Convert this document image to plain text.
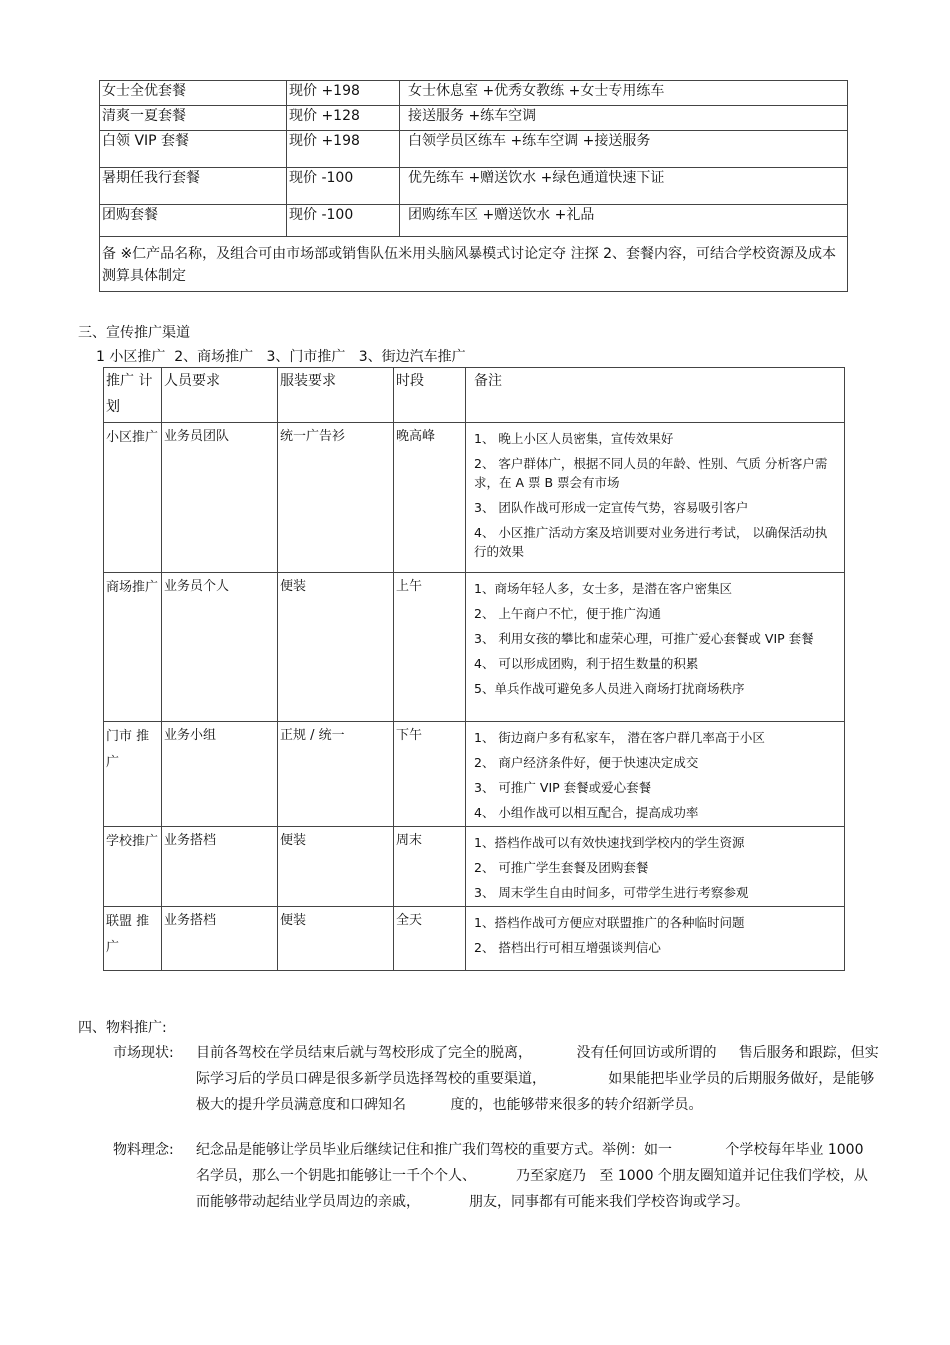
女士全优套餐	现价 +198	女士休息室 +优秀女教练 +女士专用练车
清爽一夏套餐	现价 +128	接送服务 +练车空调
白领 VIP 套餐	现价 +198	白领学员区练车 +练车空调 +接送服务
暑期任我行套餐	现价 -100	优先练车 +赠送饮水 +绿色通道快速下证
团购套餐	现价 -100	团购练车区 +赠送饮水 +礼品
备 ※仁产品名称，及组合可由市场部或销售队伍米用头脑风暴模式讨论定夺 注探 2、套餐内容，可结合学校资源及成本测算具体制定		
三、宣传推广渠道
1 小区推广  2、商场推广   3、门市推广   3、街边汽车推广
推广 计划	人员要求	服装要求	时段	备注
小区推广	业务员团队	统一广告衫	晚高峰	1、 晚上小区人员密集，宣传效果好
2、 客户群体广，根据不同人员的年龄、性别、气质 分析客户需求，在 A 票 B 票会有市场
3、 团队作战可形成一定宣传气势，容易吸引客户
4、 小区推广活动方案及培训要对业务进行考试， 以确保活动执行的效果

商场推广	业务员个人	便装	上午	1、商场年轻人多，女士多，是潜在客户密集区
2、 上午商户不忙，便于推广沟通
3、 利用女孩的攀比和虚荣心理，可推广爱心套餐或 VIP 套餐
4、 可以形成团购，利于招生数量的积累
5、单兵作战可避免多人员进入商场打扰商场秩序

门市 推广	业务小组	正规 / 统一	下午	1、 街边商户多有私家车， 潜在客户群几率高于小区
2、 商户经济条件好，便于快速决定成交
3、 可推广 VIP 套餐或爱心套餐
4、 小组作战可以相互配合，提高成功率

学校推广	业务搭档	便装	周末	1、搭档作战可以有效快速找到学校内的学生资源
2、 可推广学生套餐及团购套餐
3、 周末学生自由时间多，可带学生进行考察参观

联盟 推广	业务搭档	便装	全天	1、搭档作战可方便应对联盟推广的各种临时问题
2、 搭档出行可相互增强谈判信心
四、物料推广:
市场现状: 目前各驾校在学员结束后就与驾校形成了完全的脱离，          没有任何回访或所谓的     售后服务和跟踪，但实际学习后的学员口碑是很多新学员选择驾校的重要渠道，              如果能把毕业学员的后期服务做好，是能够极大的提升学员满意度和口碑知名          度的，也能够带来很多的转介绍新学员。
物料理念: 纪念品是能够让学员毕业后继续记住和推广我们驾校的重要方式。举例：如一            个学校每年毕业 1000 名学员，那么一个钥匙扣能够让一千个个人、         乃至家庭乃   至 1000 个朋友圈知道并记住我们学校，从而能够带动起结业学员周边的亲戚，           朋友，同事都有可能来我们学校咨询或学习。
